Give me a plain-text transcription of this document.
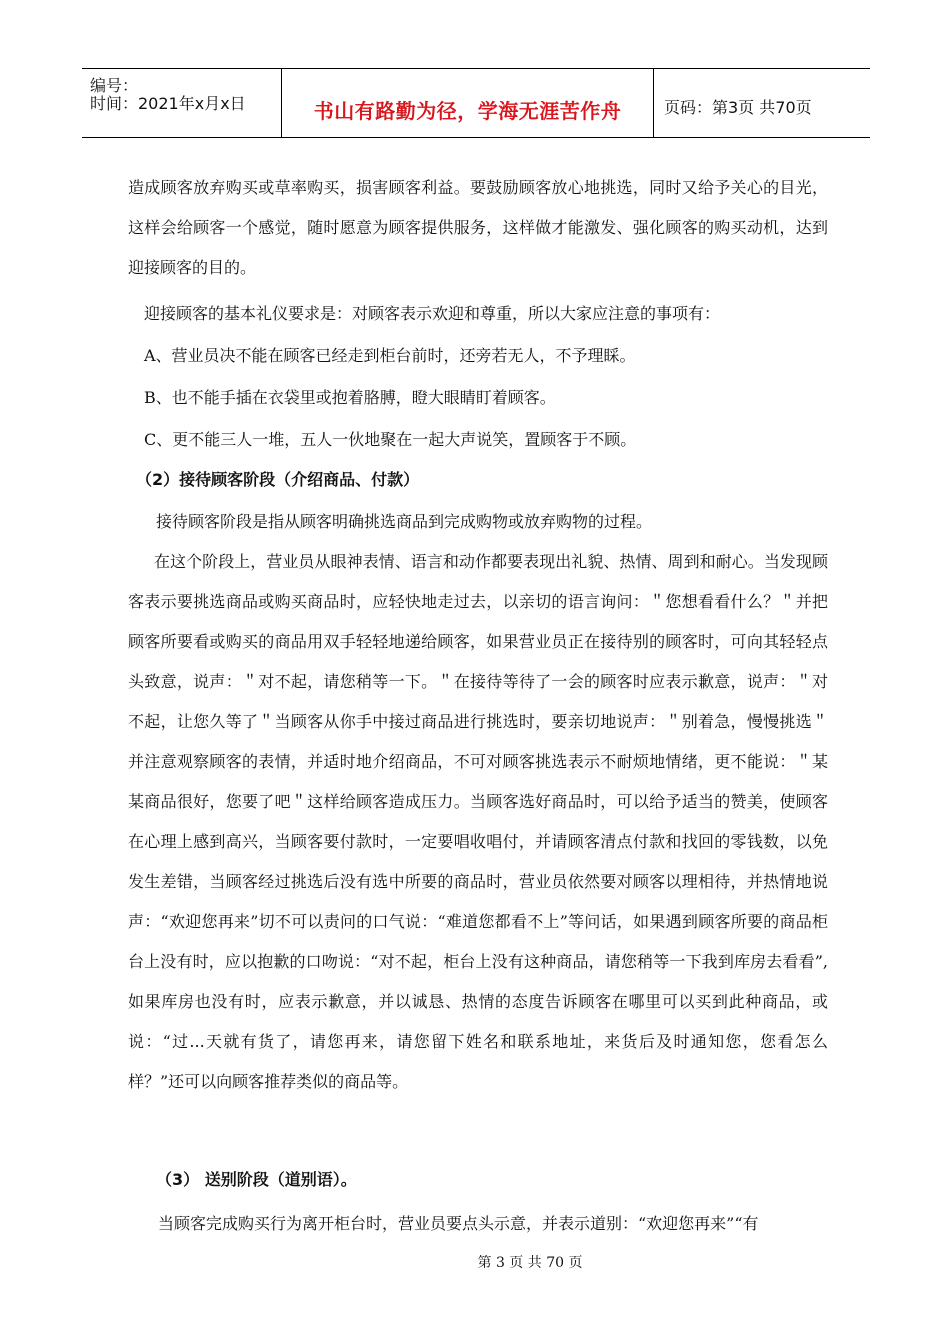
编号：
时间：2021年x月x日	书山有路勤为径，学海无涯苦作舟	页码：第3页 共70页
造成顾客放弃购买或草率购买，损害顾客利益。要鼓励顾客放心地挑选，同时又给予关心的目光，这样会给顾客一个感觉，随时愿意为顾客提供服务，这样做才能激发、强化顾客的购买动机，达到迎接顾客的目的。
迎接顾客的基本礼仪要求是：对顾客表示欢迎和尊重，所以大家应注意的事项有：
A、营业员决不能在顾客已经走到柜台前时，还旁若无人，不予理睬。
B、也不能手插在衣袋里或抱着胳膊，瞪大眼睛盯着顾客。
C、更不能三人一堆，五人一伙地聚在一起大声说笑，置顾客于不顾。
（2）接待顾客阶段（介绍商品、付款）
接待顾客阶段是指从顾客明确挑选商品到完成购物或放弃购物的过程。
在这个阶段上，营业员从眼神表情、语言和动作都要表现出礼貌、热情、周到和耐心。当发现顾客表示要挑选商品或购买商品时，应轻快地走过去，以亲切的语言询问：＂您想看看什么？＂并把顾客所要看或购买的商品用双手轻轻地递给顾客，如果营业员正在接待别的顾客时，可向其轻轻点头致意，说声：＂对不起，请您稍等一下。＂在接待等待了一会的顾客时应表示歉意，说声：＂对不起，让您久等了＂当顾客从你手中接过商品进行挑选时，要亲切地说声：＂别着急，慢慢挑选＂并注意观察顾客的表情，并适时地介绍商品，不可对顾客挑选表示不耐烦地情绪，更不能说：＂某某商品很好，您要了吧＂这样给顾客造成压力。当顾客选好商品时，可以给予适当的赞美，使顾客在心理上感到高兴，当顾客要付款时，一定要唱收唱付，并请顾客清点付款和找回的零钱数，以免发生差错，当顾客经过挑选后没有选中所要的商品时，营业员依然要对顾客以理相待，并热情地说声：“欢迎您再来”切不可以责问的口气说：“难道您都看不上”等问话，如果遇到顾客所要的商品柜台上没有时，应以抱歉的口吻说：“对不起，柜台上没有这种商品，请您稍等一下我到库房去看看”,如果库房也没有时，应表示歉意，并以诚恳、热情的态度告诉顾客在哪里可以买到此种商品，或说：“过...天就有货了，请您再来，请您留下姓名和联系地址，来货后及时通知您，您看怎么样？”还可以向顾客推荐类似的商品等。
（3） 送别阶段（道别语）。
当顾客完成购买行为离开柜台时，营业员要点头示意，并表示道别：“欢迎您再来”“有
第 3 页 共 70 页
